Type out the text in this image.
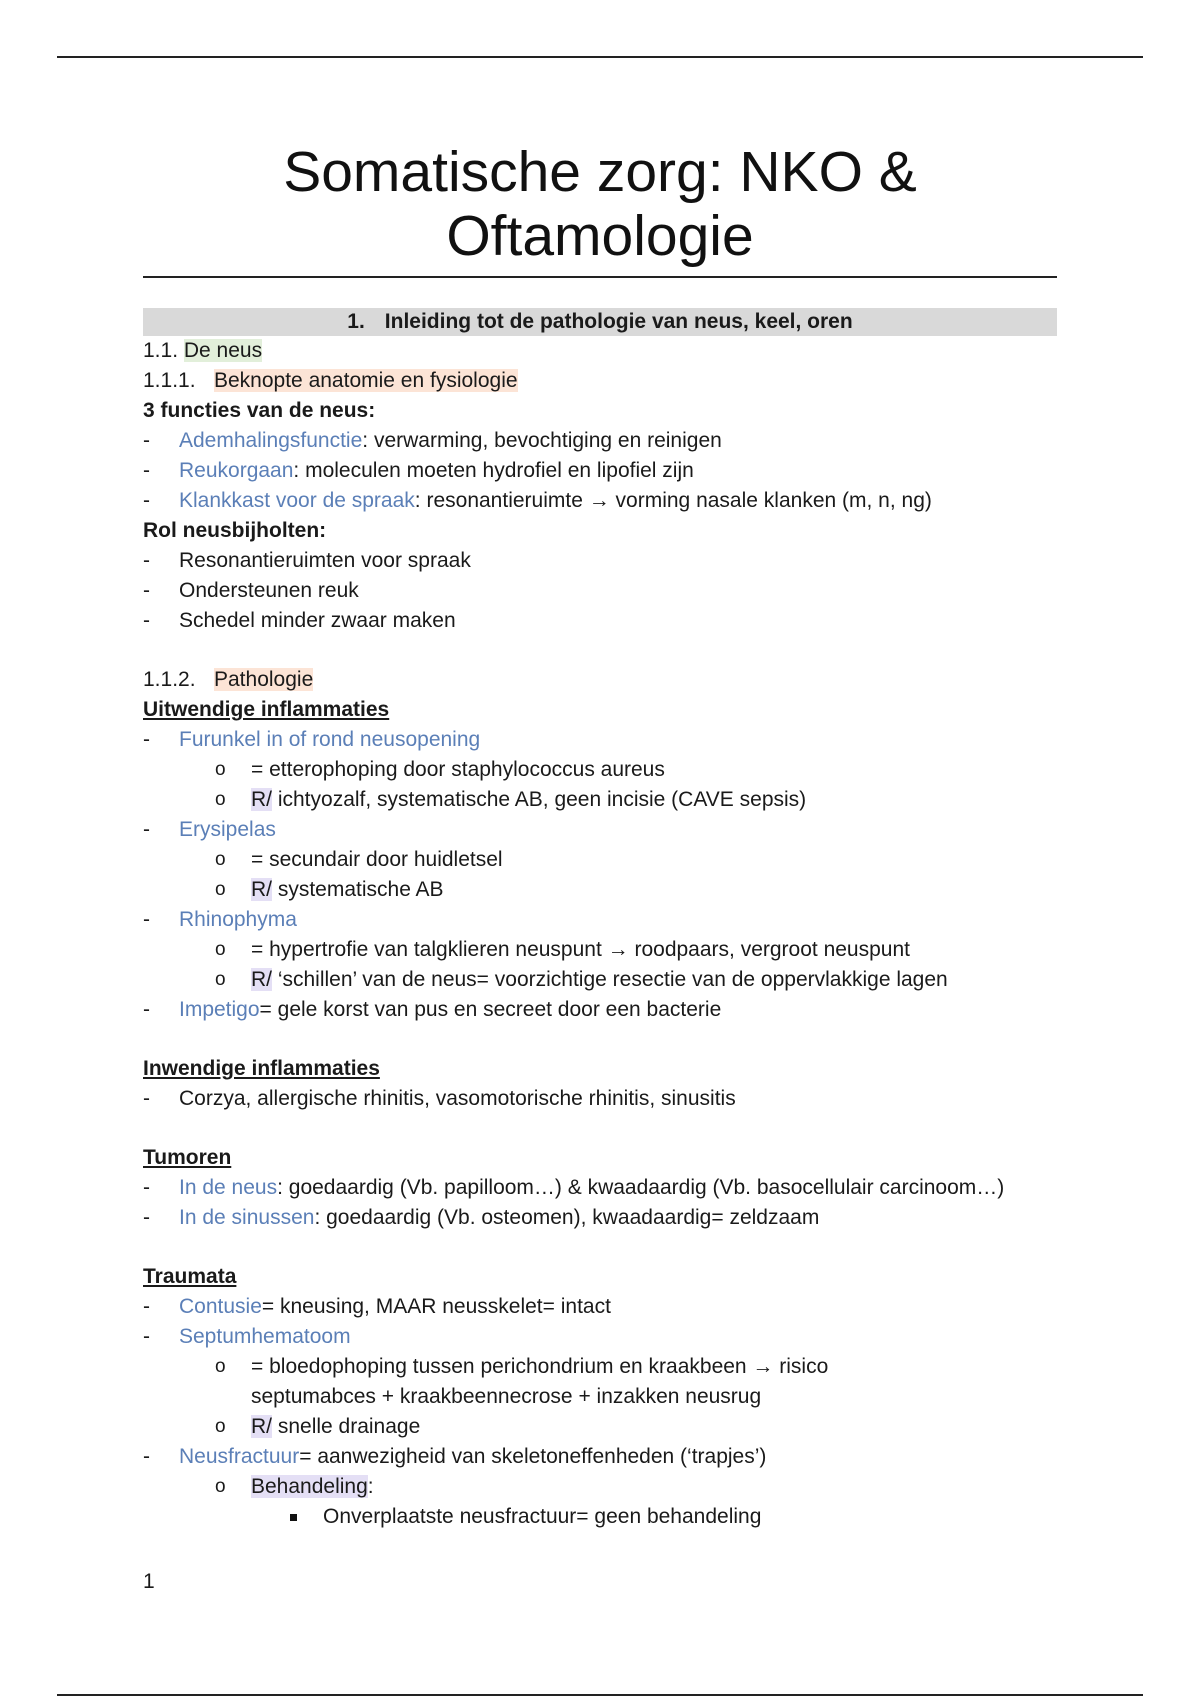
Somatische zorg: NKO &
Oftamologie
1. Inleiding tot de pathologie van neus, keel, oren
1.1. De neus
1.1.1. Beknopte anatomie en fysiologie
3 functies van de neus:
- Ademhalingsfunctie: verwarming, bevochtiging en reinigen
- Reukorgaan: moleculen moeten hydrofiel en lipofiel zijn
- Klankkast voor de spraak: resonantieruimte → vorming nasale klanken (m, n, ng)
Rol neusbijholten:
- Resonantieruimten voor spraak
- Ondersteunen reuk
- Schedel minder zwaar maken
1.1.2. Pathologie
Uitwendige inflammaties
- Furunkel in of rond neusopening
o = etterophoping door staphylococcus aureus
o R/ ichtyozalf, systematische AB, geen incisie (CAVE sepsis)
- Erysipelas
o = secundair door huidletsel
o R/ systematische AB
- Rhinophyma
o = hypertrofie van talgklieren neuspunt → roodpaars, vergroot neuspunt
o R/ ‘schillen’ van de neus= voorzichtige resectie van de oppervlakkige lagen
- Impetigo= gele korst van pus en secreet door een bacterie
Inwendige inflammaties
- Corzya, allergische rhinitis, vasomotorische rhinitis, sinusitis
Tumoren
- In de neus: goedaardig (Vb. papilloom…) & kwaadaardig (Vb. basocellulair carcinoom…)
- In de sinussen: goedaardig (Vb. osteomen), kwaadaardig= zeldzaam
Traumata
- Contusie= kneusing, MAAR neusskelet= intact
- Septumhematoom
o = bloedophoping tussen perichondrium en kraakbeen → risico septumabces + kraakbeennecrose + inzakken neusrug
o R/ snelle drainage
- Neusfractuur= aanwezigheid van skeletoneffenheden (‘trapjes’)
o Behandeling:
Onverplaatste neusfractuur= geen behandeling
1
